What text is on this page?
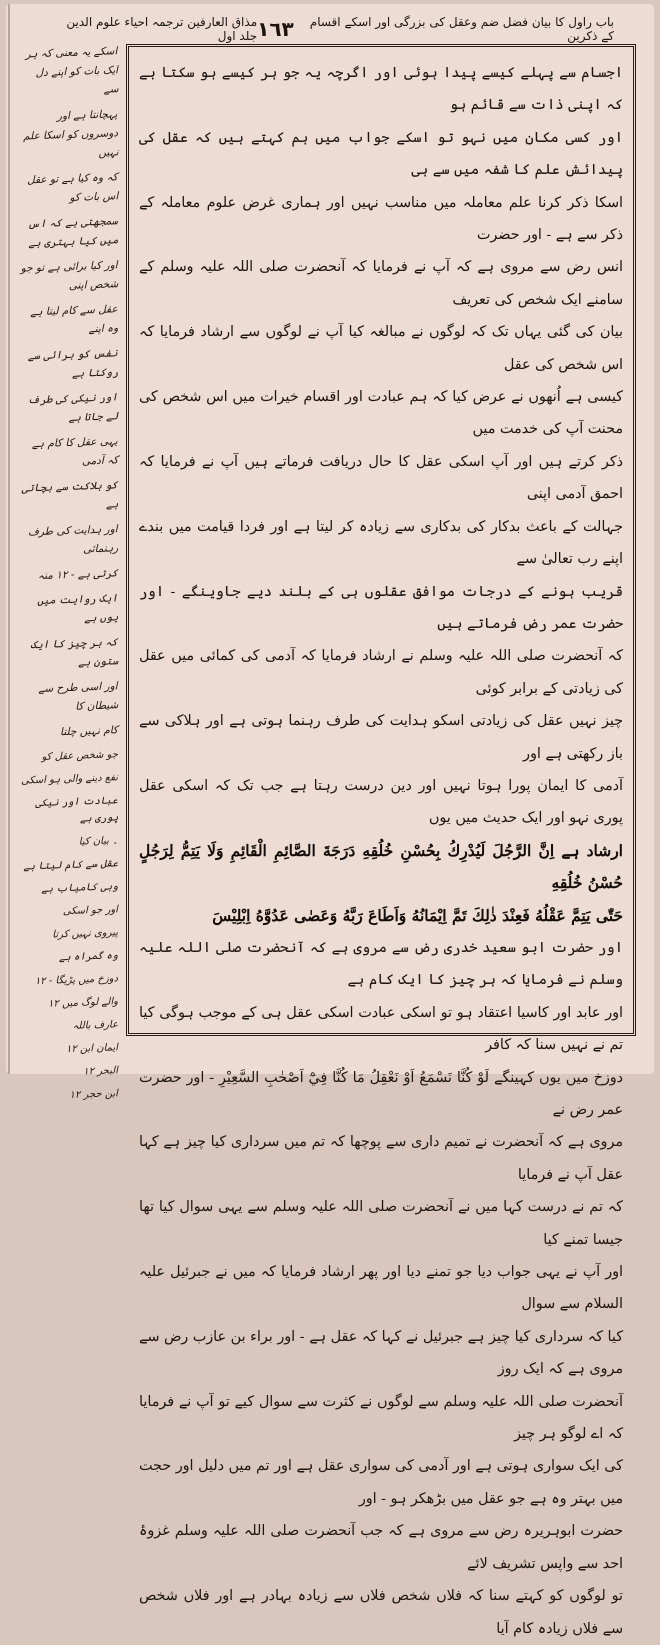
باب راول کا بیان فضل ضم وعقل کی بزرگی اور اسکے اقسام کے ذکرین
١٦٣
مذاق العارفین ترجمہ احیاء علوم الدین جلد اول
اسکے یہ معنی کہ ہر ایک بات کو اپنے دل سے
پہچانتا ہے اور دوسروں کو اسکا علم نہیں
کہ وہ کیا ہے تو عقل اس بات کو
سمجھتی ہے کہ اس میں کیا بہتری ہے
اور کیا برائی ہے تو جو شخص اپنی
عقل سے کام لیتا ہے وہ اپنے
نفس کو برائی سے روکتا ہے
اور نیکی کی طرف لے جاتا ہے
یہی عقل کا کام ہے کہ آدمی
کو ہلاکت سے بچاتی ہے
اور ہدایت کی طرف رہنمائی
کرتی ہے - ۱۲ منہ
ایک روایت میں یوں ہے
کہ ہر چیز کا ایک ستون ہے
اور اسی طرح سے شیطان کا
کام نہیں چلتا
جو شخص عقل کو
نفع دینے والی ہو اسکی
عبادت اور نیکی پوری ہے
۔ بیان کیا
عقل سے کام لیتا ہے
وہی کامیاب ہے
اور جو اسکی
پیروی نہیں کرتا
وہ گمراہ ہے
دوزخ میں پڑیگا - ۱۲
والے لوگ میں ۱۲
عارف باللہ
ایمان ابن ۱۲
البحر ۱۲
ابن حجر ۱۲

اجسام سے پہلے کیسے پیدا ہوئی اور اگرچہ یہ جو ہر کیسے ہو سکتا ہے کہ اپنی ذات سے قائم ہو

اور کسی مکان میں نہو تو اسکے جواب میں ہم کہتے ہیں کہ عقل کی پیدائش علم کا شفہ میں سے ہی

اسکا ذکر کرنا علم معاملہ میں مناسب نہیں اور ہماری غرض علوم معاملہ کے ذکر سے ہے - اور حضرت

انس رض سے مروی ہے کہ آپ نے فرمایا کہ آنحضرت صلی اللہ علیہ وسلم کے سامنے ایک شخص کی تعریف

بیان کی گئی یہاں تک کہ لوگوں نے مبالغہ کیا آپ نے لوگوں سے ارشاد فرمایا کہ اس شخص کی عقل

کیسی ہے اُنھوں نے عرض کیا کہ ہم عبادت اور اقسام خیرات میں اس شخص کی محنت آپ کی خدمت میں

ذکر کرتے ہیں اور آپ اسکی عقل کا حال دریافت فرماتے ہیں آپ نے فرمایا کہ احمق آدمی اپنی

جہالت کے باعث بدکار کی بدکاری سے زیادہ کر لیتا ہے اور فردا قیامت میں بندے اپنے رب تعالیٰ سے

قریب ہونے کے درجات موافق عقلوں ہی کے بلند دیے جاوینگے - اور حضرت عمر رض فرماتے ہیں

کہ آنحضرت صلی اللہ علیہ وسلم نے ارشاد فرمایا کہ آدمی کی کمائی میں عقل کی زیادتی کے برابر کوئی

چیز نہیں عقل کی زیادتی اسکو ہدایت کی طرف رہنما ہوتی ہے اور ہلاکی سے باز رکھتی ہے اور

آدمی کا ایمان پورا ہوتا نہیں اور دین درست رہتا ہے جب تک کہ اسکی عقل پوری نہو اور ایک حدیث میں یوں

ارشاد ہے اِنَّ الرَّجُلَ لَيُدْرِكُ بِحُسْنِ خُلُقِهِ دَرَجَةَ الصَّائِمِ الْقَائِمِ وَلَا يَتِمُّ لِرَجُلٍ حُسْنُ خُلُقِهِ

حَتّٰى يَتِمَّ عَقْلُهُ فَعِنْدَ ذٰلِكَ تَمَّ اِيْمَانُهُ وَاَطَاعَ رَبَّهُ وَعَصٰى عَدُوَّهُ اِبْلِيْسَ

اور حضرت ابو سعید خدری رض سے مروی ہے کہ آنحضرت صلی اللہ علیہ وسلم نے فرمایا کہ ہر چیز کا ایک کام ہے

اور عابد اور کاسیا اعتقاد ہو تو اسکی عبادت اسکی عقل ہی کے موجب ہوگی کیا تم نے نہیں سنا کہ کافر

دوزخ میں یوں کہینگے لَوْ كُنَّا نَسْمَعُ اَوْ نَعْقِلُ مَا كُنَّا فِيْٓ اَصْحٰبِ السَّعِيْرِ - اور حضرت عمر رض نے

مروی ہے کہ آنحضرت نے تمیم داری سے پوچھا کہ تم میں سرداری کیا چیز ہے کہا عقل آپ نے فرمایا

کہ تم نے درست کہا میں نے آنحضرت صلی اللہ علیہ وسلم سے یہی سوال کیا تھا جیسا تمنے کیا

اور آپ نے یہی جواب دیا جو تمنے دیا اور پھر ارشاد فرمایا کہ میں نے جبرئیل علیہ السلام سے سوال

کیا کہ سرداری کیا چیز ہے جبرئیل نے کہا کہ عقل ہے - اور براء بن عازب رض سے مروی ہے کہ ایک روز

آنحضرت صلی اللہ علیہ وسلم سے لوگوں نے کثرت سے سوال کیے تو آپ نے فرمایا کہ اے لوگو ہر چیز

کی ایک سواری ہوتی ہے اور آدمی کی سواری عقل ہے اور تم میں دلیل اور حجت میں بہتر وہ ہے جو عقل میں بڑھکر ہو - اور

حضرت ابوہریرہ رض سے مروی ہے کہ جب آنحضرت صلی اللہ علیہ وسلم غزوۂ احد سے واپس تشریف لائے

تو لوگوں کو کہتے سنا کہ فلاں شخص فلاں سے زیادہ بہادر ہے اور فلاں شخص سے فلاں زیادہ کام آیا
